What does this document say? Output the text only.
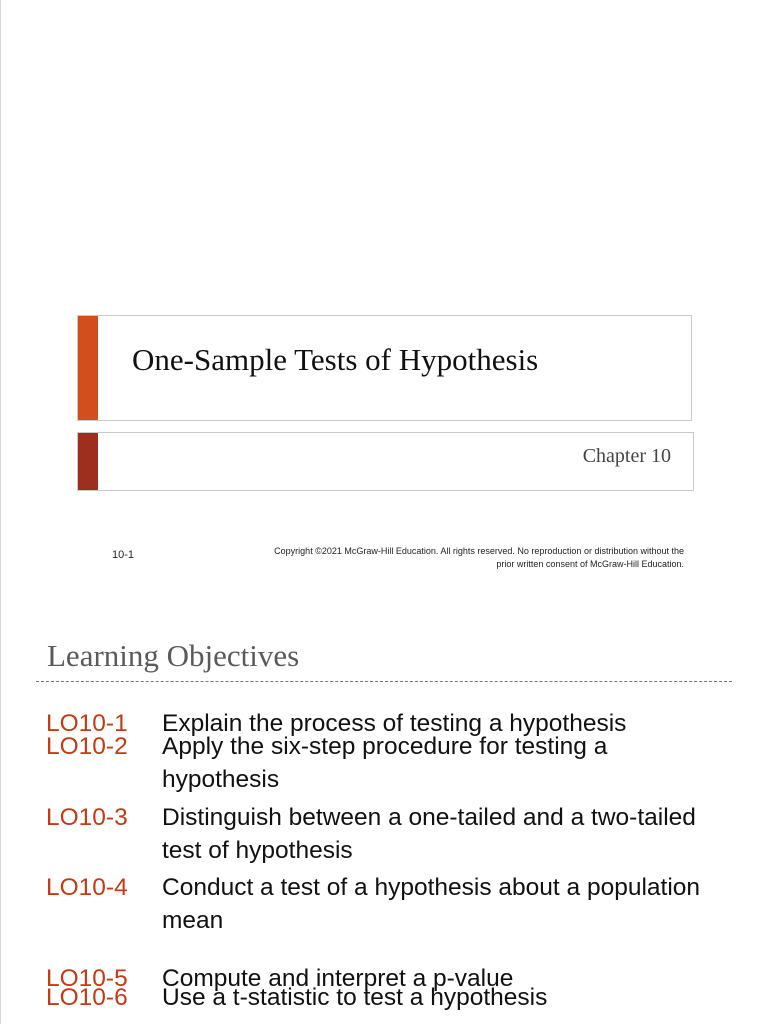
One-Sample Tests of Hypothesis
Chapter 10
10-1	Copyright ©2021 McGraw-Hill Education. All rights reserved. No reproduction or distribution without the
prior written consent of McGraw-Hill Education.
Learning Objectives
LO10-1 Explain the process of testing a hypothesis
LO10-2 Apply the six-step procedure for testing a hypothesis
LO10-3 Distinguish between a one-tailed and a two-tailed test of hypothesis
LO10-4 Conduct a test of a hypothesis about a population mean
LO10-5 Compute and interpret a p-value
LO10-6 Use a t-statistic to test a hypothesis
